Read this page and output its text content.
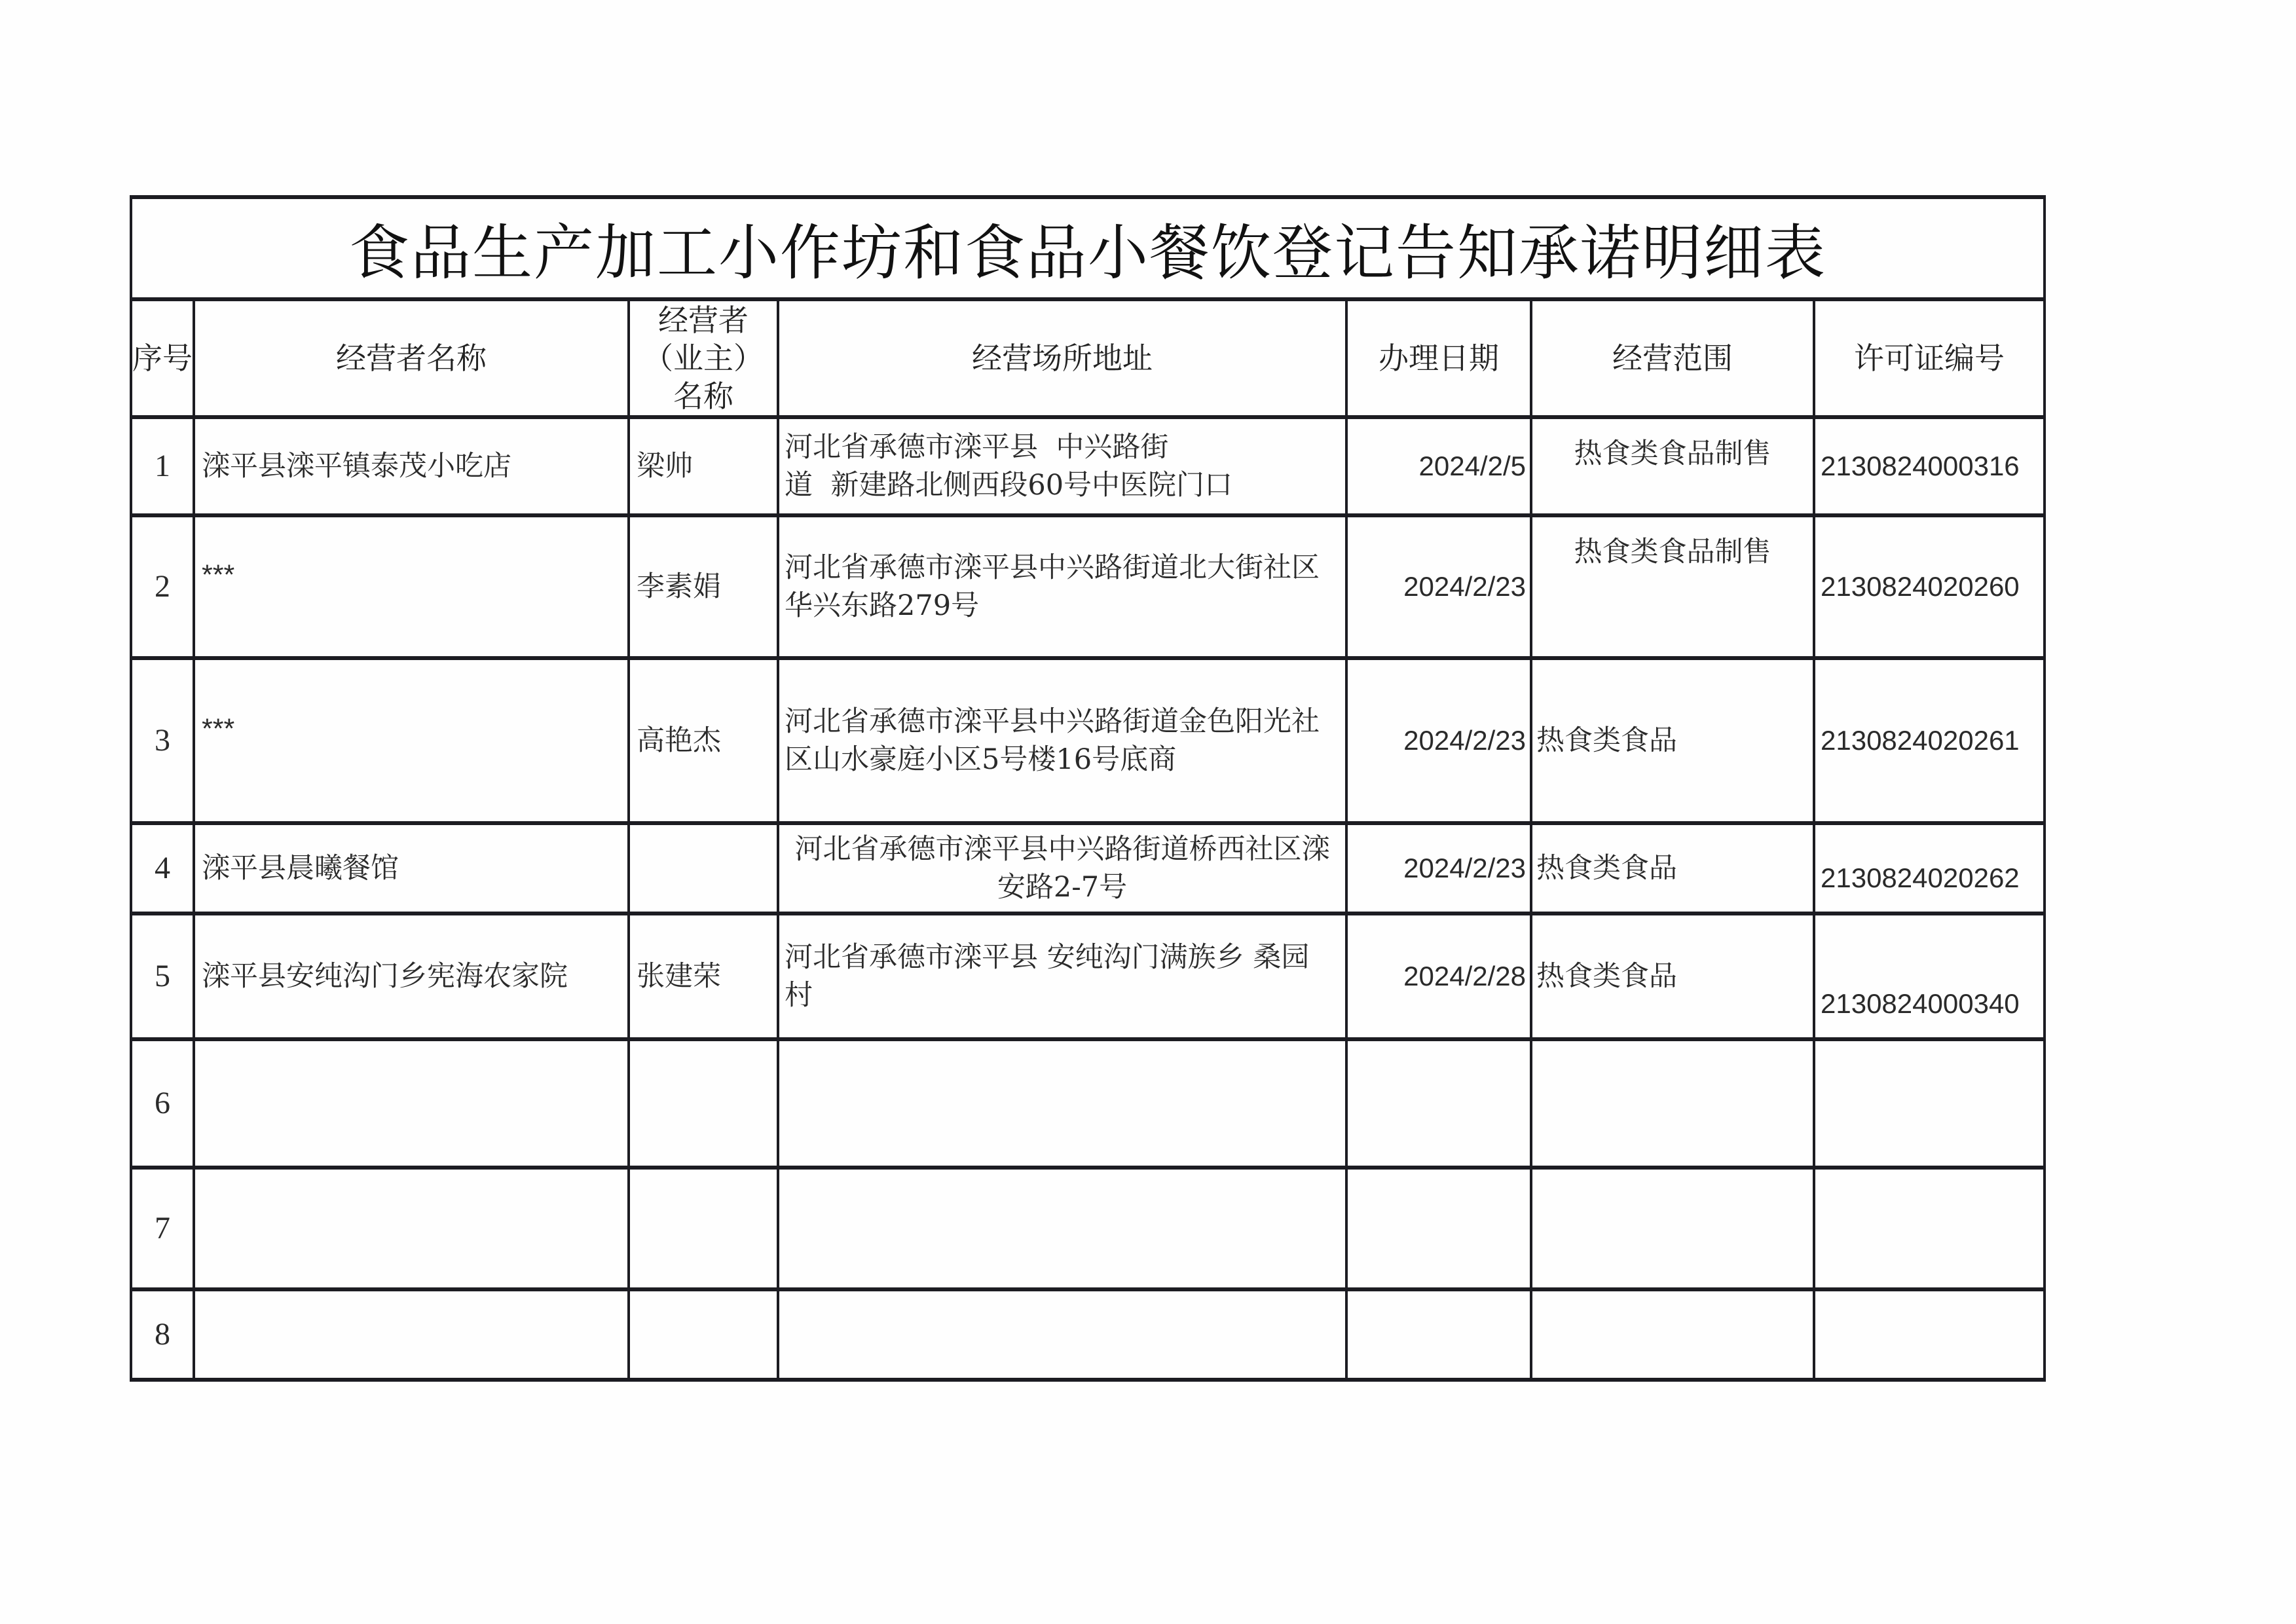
食品生产加工小作坊和食品小餐饮登记告知承诺明细表						
序号	经营者名称	经营者
（业主）
名称	经营场所地址	办理日期	经营范围	许可证编号
1	滦平县滦平镇泰茂小吃店	梁帅	河北省承德市滦平县  中兴路街
道  新建路北侧西段60号中医院门口	2024/2/5	热食类食品制售	2130824000316
2	***	李素娟	河北省承德市滦平县中兴路街道北大街社区
华兴东路279号	2024/2/23	热食类食品制售	2130824020260
3	***	高艳杰	河北省承德市滦平县中兴路街道金色阳光社
区山水豪庭小区5号楼16号底商	2024/2/23	热食类食品	2130824020261
4	滦平县晨曦餐馆		河北省承德市滦平县中兴路街道桥西社区滦
安路2-7号	2024/2/23	热食类食品	2130824020262
5	滦平县安纯沟门乡宪海农家院	张建荣	河北省承德市滦平县 安纯沟门满族乡 桑园
村	2024/2/28	热食类食品	2130824000340
6						
7						
8						
